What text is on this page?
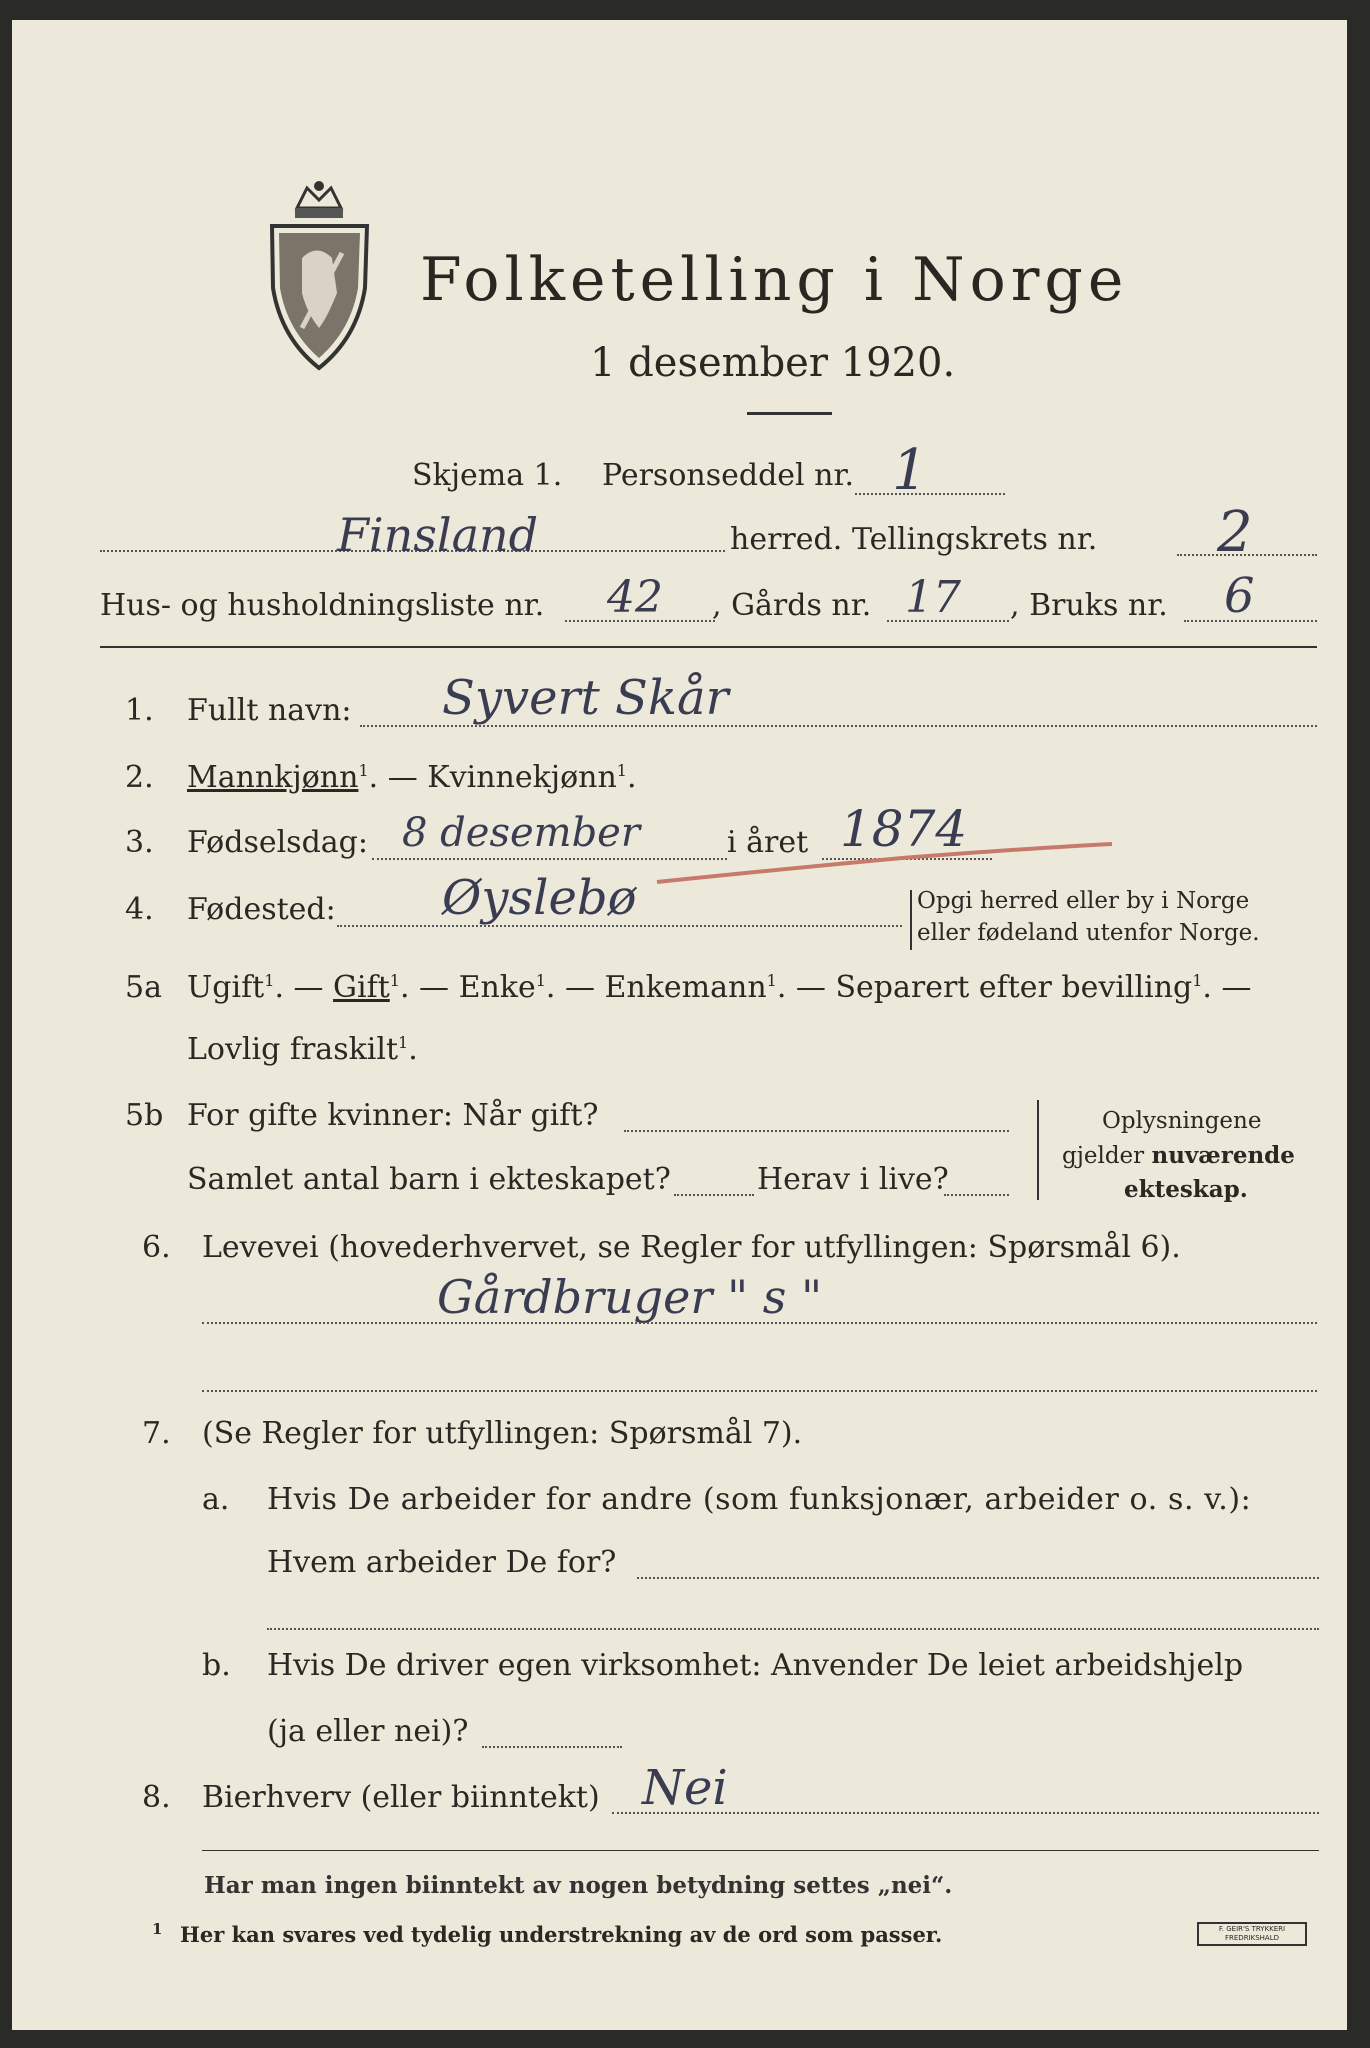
Folketelling i Norge
1 desember 1920.
Skjema 1. Personseddel nr. 1
Finsland	herred. Tellingskrets nr. 2
Hus- og husholdningsliste nr. 42 , Gårds nr. 17 , Bruks nr. 6
1. Fullt navn: Syvert Skår
2. Mannkjønn$^1$. — Kvinnekjønn$^1$.
3. Fødselsdag: 8 desember	i året 1874
4. Fødested: Øyslebø	Opgi herred eller by i Norge
eller fødeland utenfor Norge.
5a Ugift$^1$. — Gift$^1$. — Enke$^1$. — Enkemann$^1$. — Separert efter bevilling$^1$. —
Lovlig fraskilt$^1$.
5b For gifte kvinner: Når gift?
Samlet antal barn i ekteskapet?	Herav i live?
Oplysningene
gjelder nuværende
ekteskap.
6. Levevei (hovederhvervet, se Regler for utfyllingen: Spørsmål 6).
Gårdbruger " s "
7. (Se Regler for utfyllingen: Spørsmål 7).
a. Hvis De arbeider for andre (som funksjonær, arbeider o. s. v.):
Hvem arbeider De for?
b. Hvis De driver egen virksomhet: Anvender De leiet arbeidshjelp
(ja eller nei)?
8. Bierhverv (eller biinntekt) Nei
Har man ingen biinntekt av nogen betydning settes „nei“.
1 Her kan svares ved tydelig understrekning av de ord som passer.	F. GEIR'S TRYKKERI
FREDRIKSHALD
